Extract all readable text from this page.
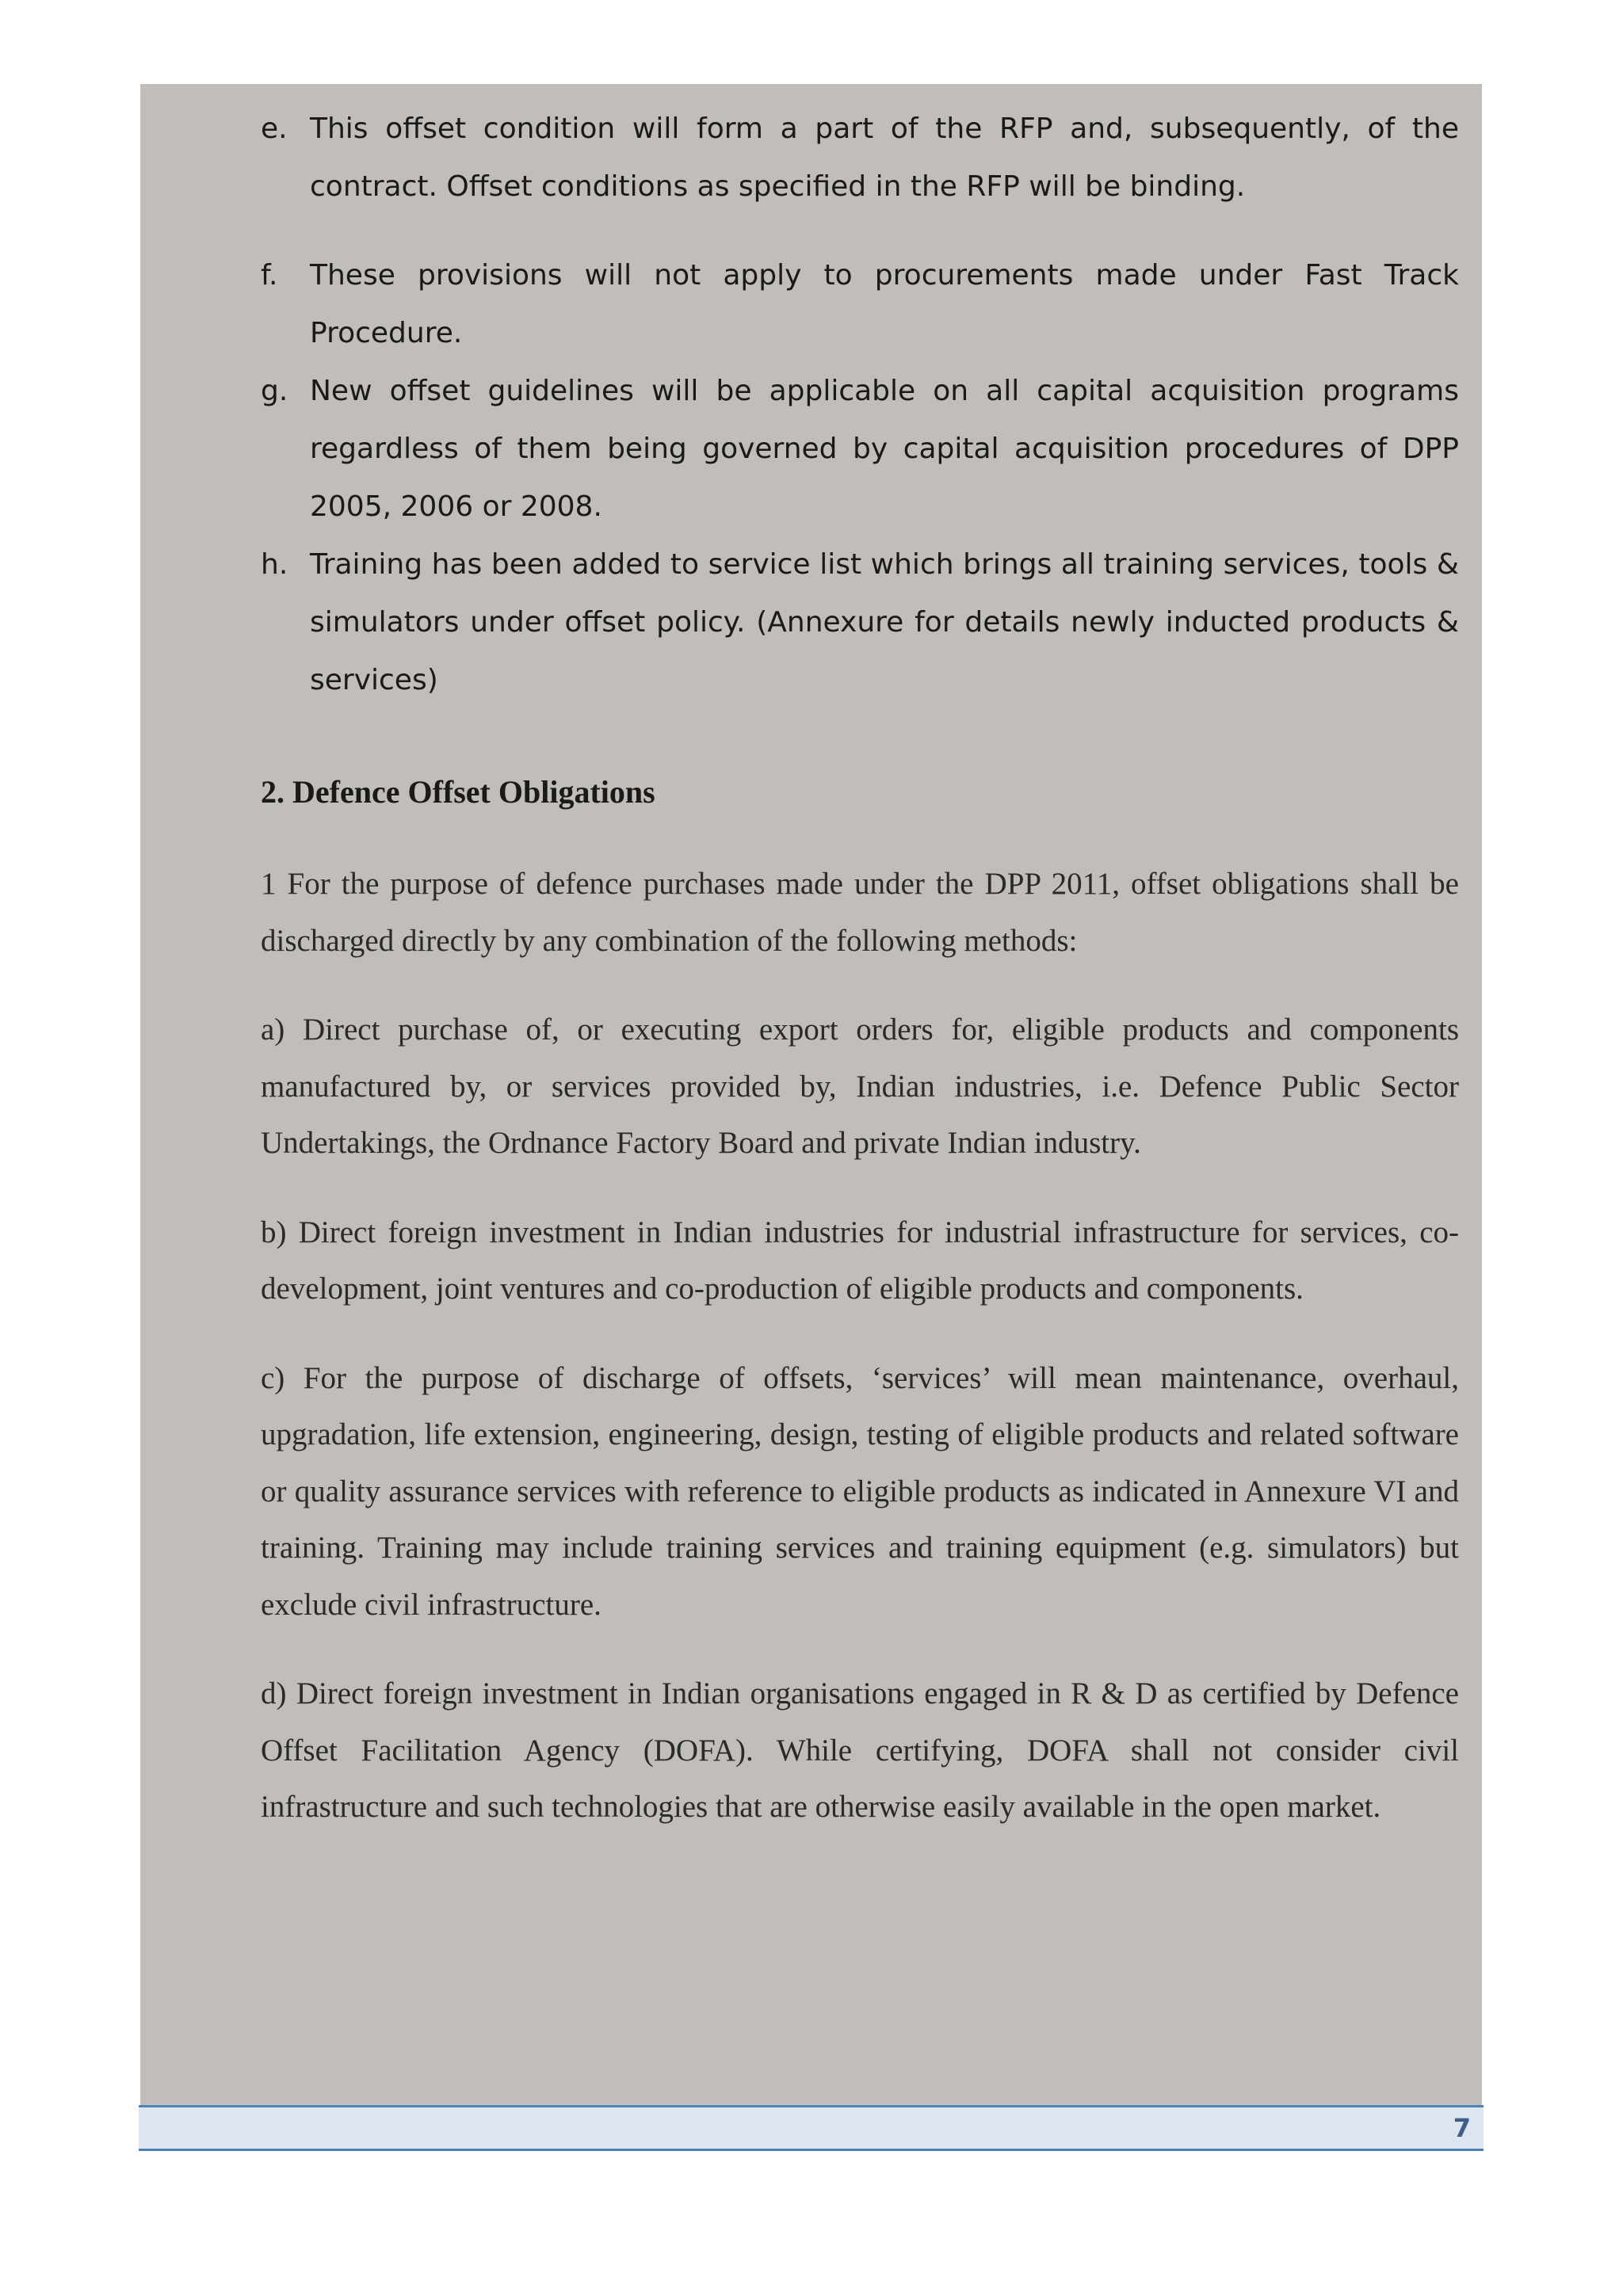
e. This offset condition will form a part of the RFP and, subsequently, of the contract. Offset conditions as specified in the RFP will be binding.
f. These provisions will not apply to procurements made under Fast Track Procedure.
g. New offset guidelines will be applicable on all capital acquisition programs regardless of them being governed by capital acquisition procedures of DPP 2005, 2006 or 2008.
h. Training has been added to service list which brings all training services, tools & simulators under offset policy. (Annexure for details newly inducted products & services)
2. Defence Offset Obligations

1 For the purpose of defence purchases made under the DPP 2011, offset obligations shall be discharged directly by any combination of the following methods:

a) Direct purchase of, or executing export orders for, eligible products and components manufactured by, or services provided by, Indian industries, i.e. Defence Public Sector Undertakings, the Ordnance Factory Board and private Indian industry.

b) Direct foreign investment in Indian industries for industrial infrastructure for services, co-development, joint ventures and co-production of eligible products and components.

c) For the purpose of discharge of offsets, ‘services’ will mean maintenance, overhaul, upgradation, life extension, engineering, design, testing of eligible products and related software or quality assurance services with reference to eligible products as indicated in Annexure VI and training. Training may include training services and training equipment (e.g. simulators) but exclude civil infrastructure.

d) Direct foreign investment in Indian organisations engaged in R & D as certified by Defence Offset Facilitation Agency (DOFA). While certifying, DOFA shall not consider civil infrastructure and such technologies that are otherwise easily available in the open market.

7
